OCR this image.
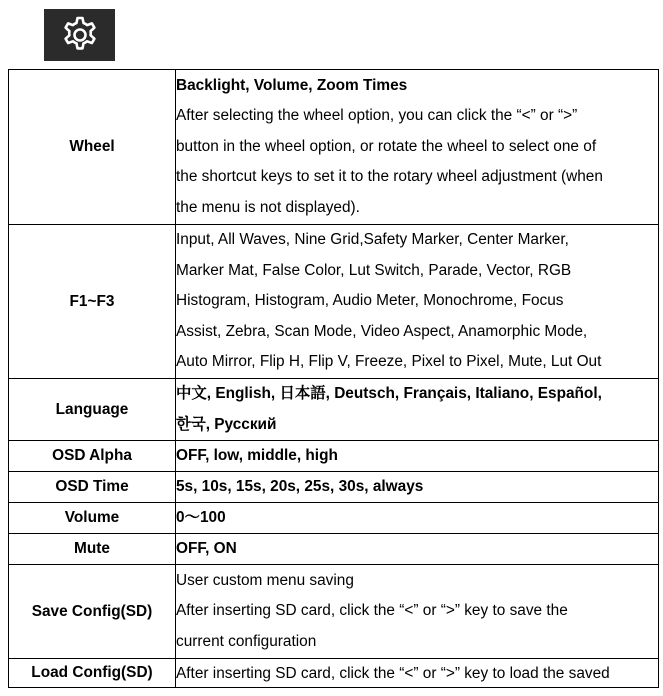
Wheel	Backlight, Volume, Zoom Times
After selecting the wheel option, you can click the “<” or “>”
button in the wheel option, or rotate the wheel to select one of
the shortcut keys to set it to the rotary wheel adjustment (when
the menu is not displayed).

F1~F3	Input, All Waves, Nine Grid,Safety Marker, Center Marker,
Marker Mat, False Color, Lut Switch, Parade, Vector, RGB
Histogram, Histogram, Audio Meter, Monochrome, Focus
Assist, Zebra, Scan Mode, Video Aspect, Anamorphic Mode,
Auto Mirror, Flip H, Flip V, Freeze, Pixel to Pixel, Mute, Lut Out

Language	中文, English, 日本語, Deutsch, Français, Italiano, Español,
한국, Русский

OSD Alpha	OFF, low, middle, high

OSD Time	5s, 10s, 15s, 20s, 25s, 30s, always

Volume	0～100

Mute	OFF, ON

Save Config(SD)	User custom menu saving
After inserting SD card, click the “<” or “>” key to save the
current configuration

Load Config(SD)	After inserting SD card, click the “<” or “>” key to load the saved
